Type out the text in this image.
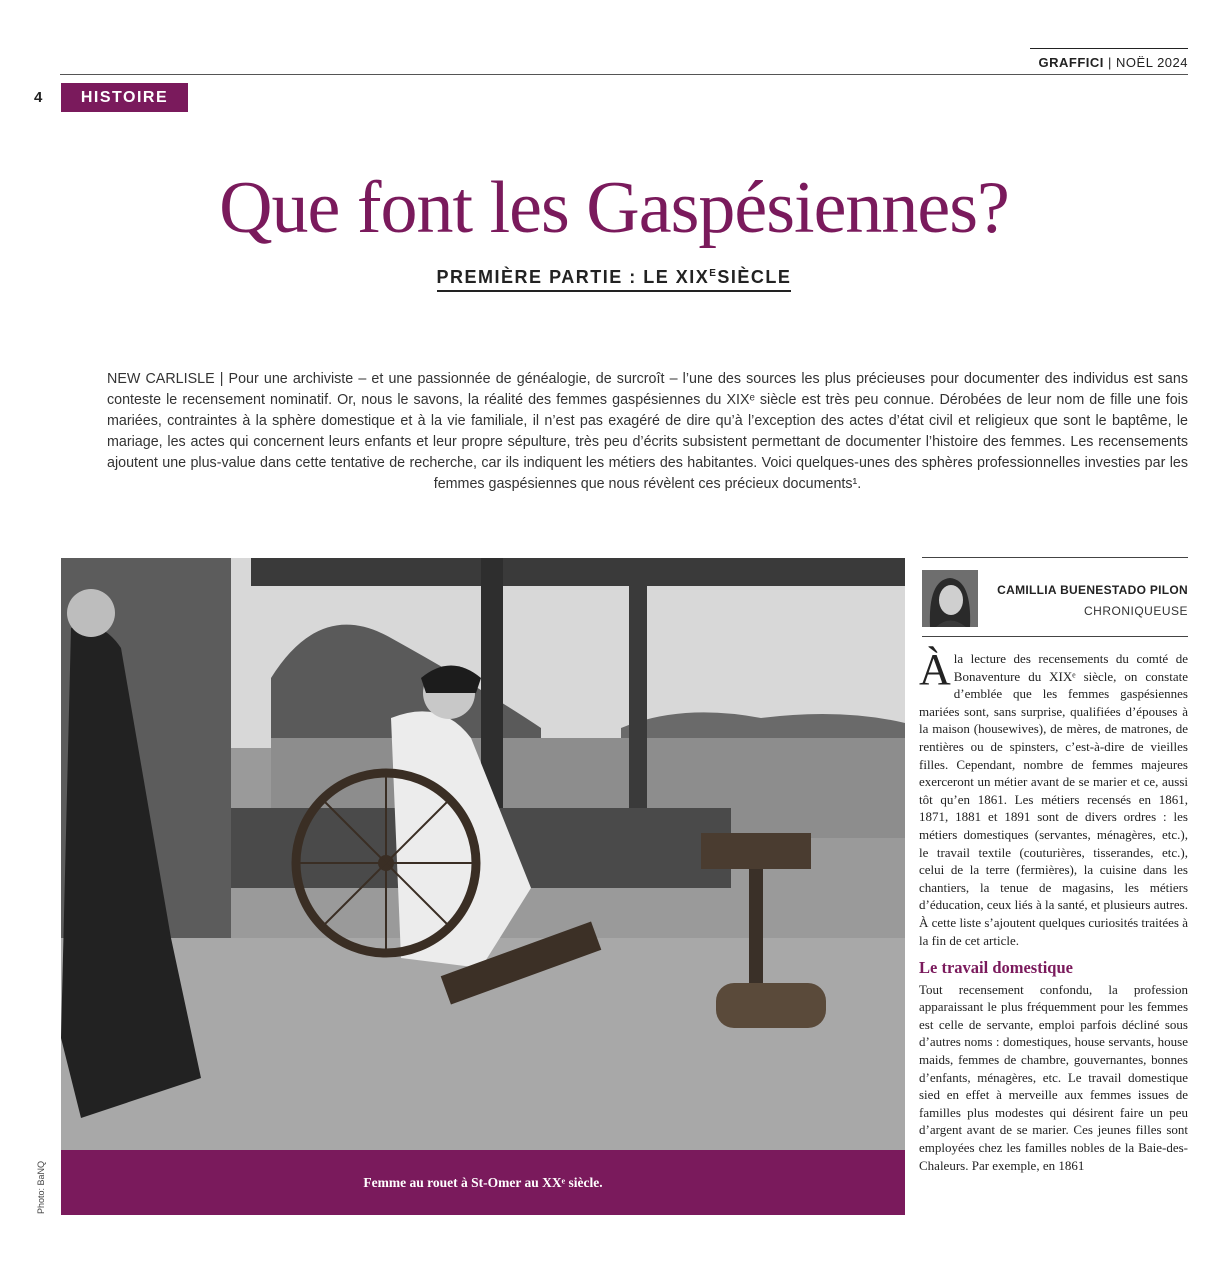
GRAFFICI | NOËL 2024
4	HISTOIRE
Que font les Gaspésiennes?
PREMIÈRE PARTIE : LE $XIX^ESIÈCLE$
NEW CARLISLE | Pour une archiviste – et une passionnée de généalogie, de surcroît – l’une des sources les plus précieuses pour documenter des individus est sans conteste le recensement nominatif. Or, nous le savons, la réalité des femmes gaspésiennes du XIXᵉ siècle est très peu connue. Dérobées de leur nom de fille une fois mariées, contraintes à la sphère domestique et à la vie familiale, il n’est pas exagéré de dire qu’à l’exception des actes d’état civil et religieux que sont le baptême, le mariage, les actes qui concernent leurs enfants et leur propre sépulture, très peu d’écrits subsistent permettant de documenter l’histoire des femmes. Les recensements ajoutent une plus-value dans cette tentative de recherche, car ils indiquent les métiers des habitantes. Voici quelques-unes des sphères professionnelles investies par les femmes gaspésiennes que nous révèlent ces précieux documents¹.
Femme au rouet à St-Omer au XXᵉ siècle.
Photo: BaNQ
CAMILLIA BUENESTADO PILON
CHRONIQUEUSE

Àla lecture des recensements du comté de Bonaventure du XIXᵉ siècle, on constate d’emblée que les femmes gaspésiennes mariées sont, sans surprise, qualifiées d’épouses à la maison (housewives), de mères, de matrones, de rentières ou de spinsters, c’est-à-dire de vieilles filles. Cependant, nombre de femmes majeures exerceront un métier avant de se marier et ce, aussi tôt qu’en 1861. Les métiers recensés en 1861, 1871, 1881 et 1891 sont de divers ordres : les métiers domestiques (servantes, ménagères, etc.), le travail textile (couturières, tisserandes, etc.), celui de la terre (fermières), la cuisine dans les chantiers, la tenue de magasins, les métiers d’éducation, ceux liés à la santé, et plusieurs autres. À cette liste s’ajoutent quelques curiosités traitées à la fin de cet article.

Le travail domestique

Tout recensement confondu, la profession apparaissant le plus fréquemment pour les femmes est celle de servante, emploi parfois décliné sous d’autres noms : domestiques, house servants, house maids, femmes de chambre, gouvernantes, bonnes d’enfants, ménagères, etc. Le travail domestique sied en effet à merveille aux femmes issues de familles plus modestes qui désirent faire un peu d’argent avant de se marier. Ces jeunes filles sont employées chez les familles nobles de la Baie-des-Chaleurs. Par exemple, en 1861
